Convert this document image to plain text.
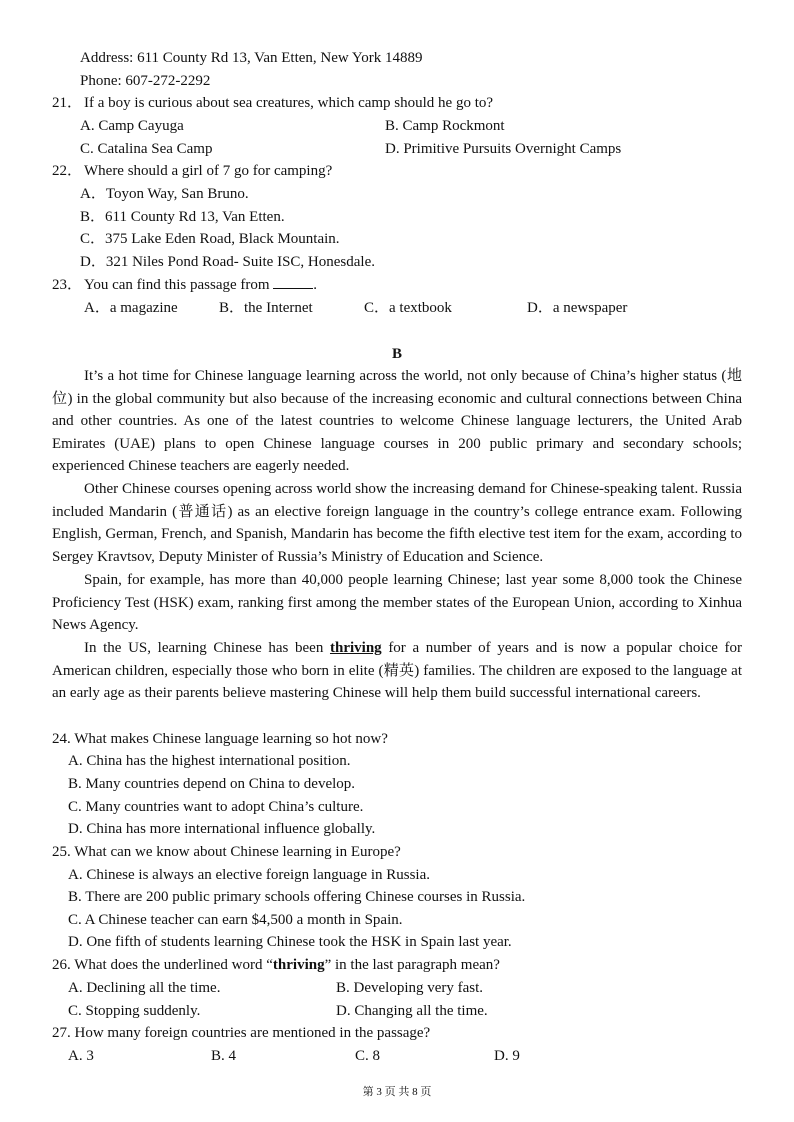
Address: 611 County Rd 13, Van Etten, New York 14889
Phone: 607-272-2292
21． If a boy is curious about sea creatures, which camp should he go to?
A. Camp Cayuga	B. Camp Rockmont
C. Catalina Sea Camp	D. Primitive Pursuits Overnight Camps
22． Where should a girl of 7 go for camping?
A．Toyon Way, San Bruno.
B．611 County Rd 13, Van Etten.
C．375 Lake Eden Road, Black Mountain.
D．321 Niles Pond Road- Suite ISC, Honesdale.
23． You can find this passage from	.
A．a magazine	B．the Internet	C．a textbook	D．a newspaper
B
It’s a hot time for Chinese language learning across the world, not only because of China’s higher status (地位) in the global community but also because of the increasing economic and cultural connections between China and other countries. As one of the latest countries to welcome Chinese language lecturers, the United Arab Emirates (UAE) plans to open Chinese language courses in 200 public primary and secondary schools; experienced Chinese teachers are eagerly needed.
Other Chinese courses opening across world show the increasing demand for Chinese-speaking talent. Russia included Mandarin (普通话) as an elective foreign language in the country’s college entrance exam. Following English, German, French, and Spanish, Mandarin has become the fifth elective test item for the exam, according to Sergey Kravtsov, Deputy Minister of Russia’s Ministry of Education and Science.
Spain, for example, has more than 40,000 people learning Chinese; last year some 8,000 took the Chinese Proficiency Test (HSK) exam, ranking first among the member states of the European Union, according to Xinhua News Agency.
In the US, learning Chinese has been thriving for a number of years and is now a popular choice for American children, especially those who born in elite (精英) families. The children are exposed to the language at an early age as their parents believe mastering Chinese will help them build successful international careers.
24. What makes Chinese language learning so hot now?
A. China has the highest international position.
B. Many countries depend on China to develop.
C. Many countries want to adopt China’s culture.
D. China has more international influence globally.
25. What can we know about Chinese learning in Europe?
A. Chinese is always an elective foreign language in Russia.
B. There are 200 public primary schools offering Chinese courses in Russia.
C. A Chinese teacher can earn $4,500 a month in Spain.
D. One fifth of students learning Chinese took the HSK in Spain last year.
26. What does the underlined word “thriving” in the last paragraph mean?
A. Declining all the time.	B. Developing very fast.
C. Stopping suddenly.	D. Changing all the time.
27. How many foreign countries are mentioned in the passage?
A. 3	B. 4	C. 8	D. 9
第 3 页 共 8 页
